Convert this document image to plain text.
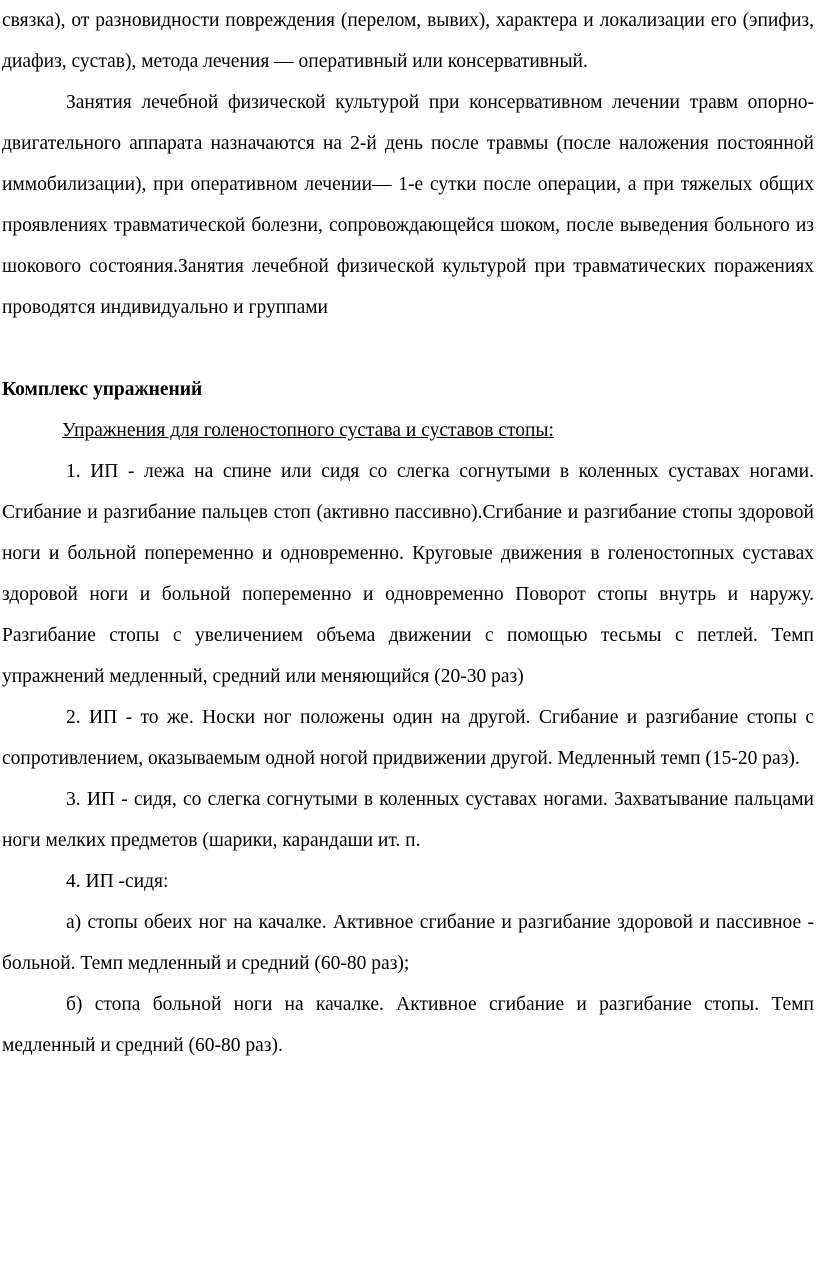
связка), от разновидности повреждения (перелом, вывих), характера и локализации его (эпифиз, диафиз, сустав), метода лечения — оперативный или консервативный.

Занятия лечебной физической культурой при консервативном лечении травм опорно-двигательного аппарата назначаются на 2-й день после травмы (после наложения постоянной иммобилизации), при оперативном лечении— 1-е сутки после операции, а при тяжелых общих проявлениях травматической болезни, сопровождающейся шоком, после выведения больного из шокового состояния.Занятия лечебной физической культурой при травматических поражениях проводятся индивидуально и группами

Комплекс упражнений

Упражнения для голеностопного сустава и суставов стопы:

1. ИП - лежа на спине или сидя со слегка согнутыми в коленных суставах ногами. Сгибание и разгибание пальцев стоп (активно пассивно).Сгибание и разгибание стопы здоровой ноги и больной попеременно и одновременно. Круговые движения в голеностопных суставах здоровой ноги и больной попеременно и одновременно Поворот стопы внутрь и наружу. Разгибание стопы с увеличением объема движении с помощью тесьмы с петлей. Темп упражнений медленный, средний или меняющийся (20-30 раз)

2. ИП - то же. Носки ног положены один на другой. Сгибание и разгибание стопы с сопротивлением, оказываемым одной ногой придвижении другой. Медленный темп (15-20 раз).

3. ИП - сидя, со слегка согнутыми в коленных суставах ногами. Захватывание пальцами ноги мелких предметов (шарики, карандаши ит. п.

4. ИП -сидя:

а) стопы обеих ног на качалке. Активное сгибание и разгибание здоровой и пассивное - больной. Темп медленный и средний (60-80 раз);

б) стопа больной ноги на качалке. Активное сгибание и разгибание стопы. Темп медленный и средний (60-80 раз).
